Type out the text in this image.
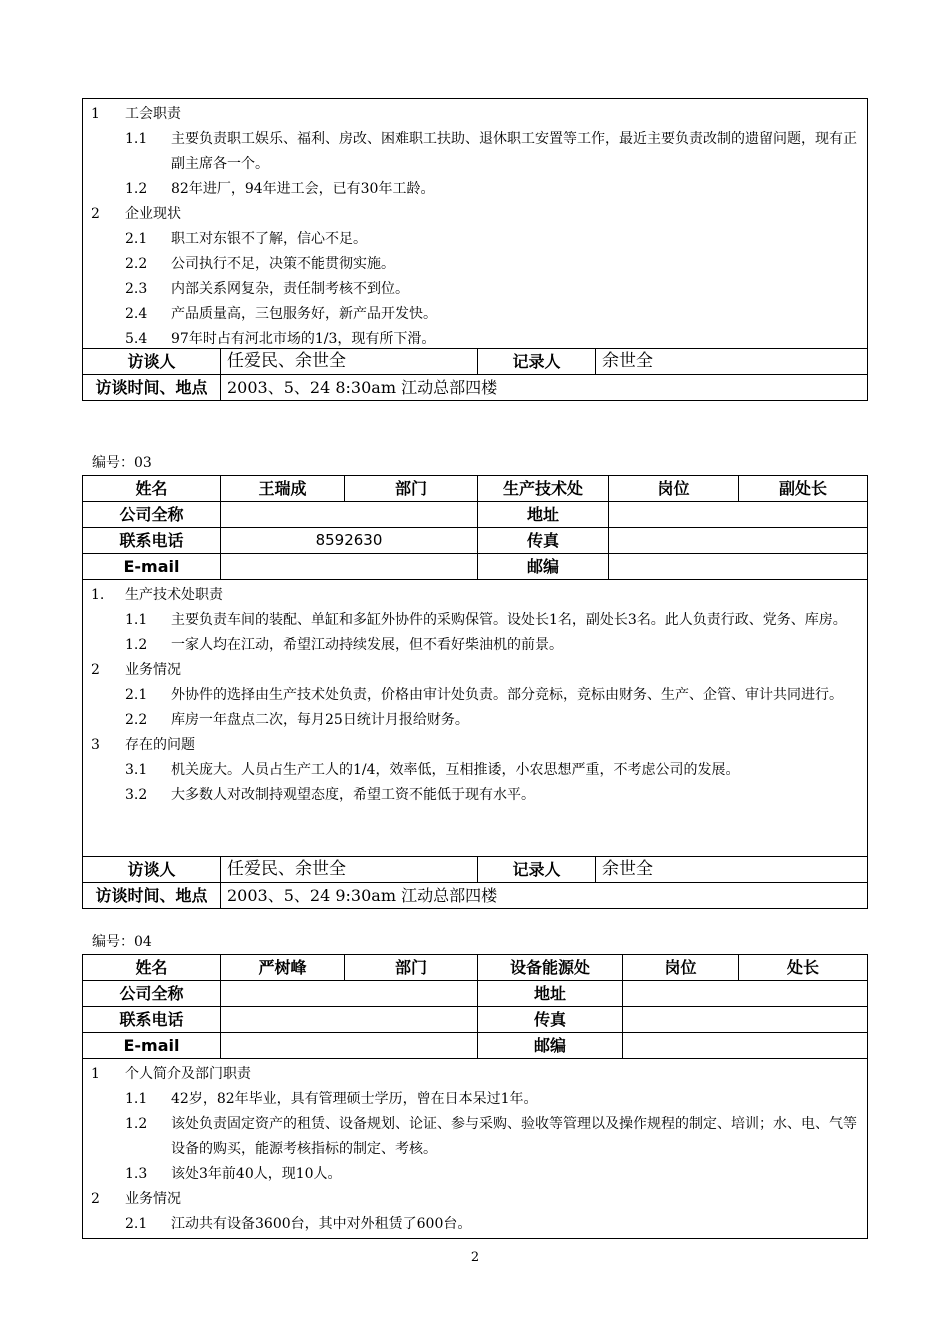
1 工会职责
1.1 主要负责职工娱乐、福利、房改、困难职工扶助、退休职工安置等工作，最近主要负责改制的遗留问题，现有正副主席各一个。
1.2 82年进厂，94年进工会，已有30年工龄。
2 企业现状
2.1 职工对东银不了解，信心不足。
2.2 公司执行不足，决策不能贯彻实施。
2.3 内部关系网复杂，责任制考核不到位。
2.4 产品质量高，三包服务好，新产品开发快。
5.4 97年时占有河北市场的1/3，现有所下滑。
访谈人	任爱民、余世全	记录人	余世全
访谈时间、地点	2003、5、24 8:30am 江动总部四楼		
编号：03
姓名	王瑞成	部门	生产技术处	岗位	副处长
公司全称			地址		
联系电话	8592630		传真		
E-mail			邮编		
1. 生产技术处职责
1.1 主要负责车间的装配、单缸和多缸外协件的采购保管。设处长1名，副处长3名。此人负责行政、党务、库房。
1.2 一家人均在江动，希望江动持续发展，但不看好柴油机的前景。
2 业务情况
2.1 外协件的选择由生产技术处负责，价格由审计处负责。部分竞标，竞标由财务、生产、企管、审计共同进行。
2.2 库房一年盘点二次，每月25日统计月报给财务。
3 存在的问题
3.1 机关庞大。人员占生产工人的1/4，效率低，互相推诿，小农思想严重，不考虑公司的发展。
3.2 大多数人对改制持观望态度，希望工资不能低于现有水平。
访谈人	任爱民、余世全	记录人	余世全
访谈时间、地点	2003、5、24 9:30am 江动总部四楼		
编号：04
姓名	严树峰	部门	设备能源处	岗位	处长
公司全称			地址		
联系电话			传真		
E-mail			邮编		
1 个人简介及部门职责
1.1 42岁，82年毕业，具有管理硕士学历，曾在日本呆过1年。
1.2 该处负责固定资产的租赁、设备规划、论证、参与采购、验收等管理以及操作规程的制定、培训；水、电、气等设备的购买，能源考核指标的制定、考核。
1.3 该处3年前40人，现10人。
2 业务情况
2.1 江动共有设备3600台，其中对外租赁了600台。
2
